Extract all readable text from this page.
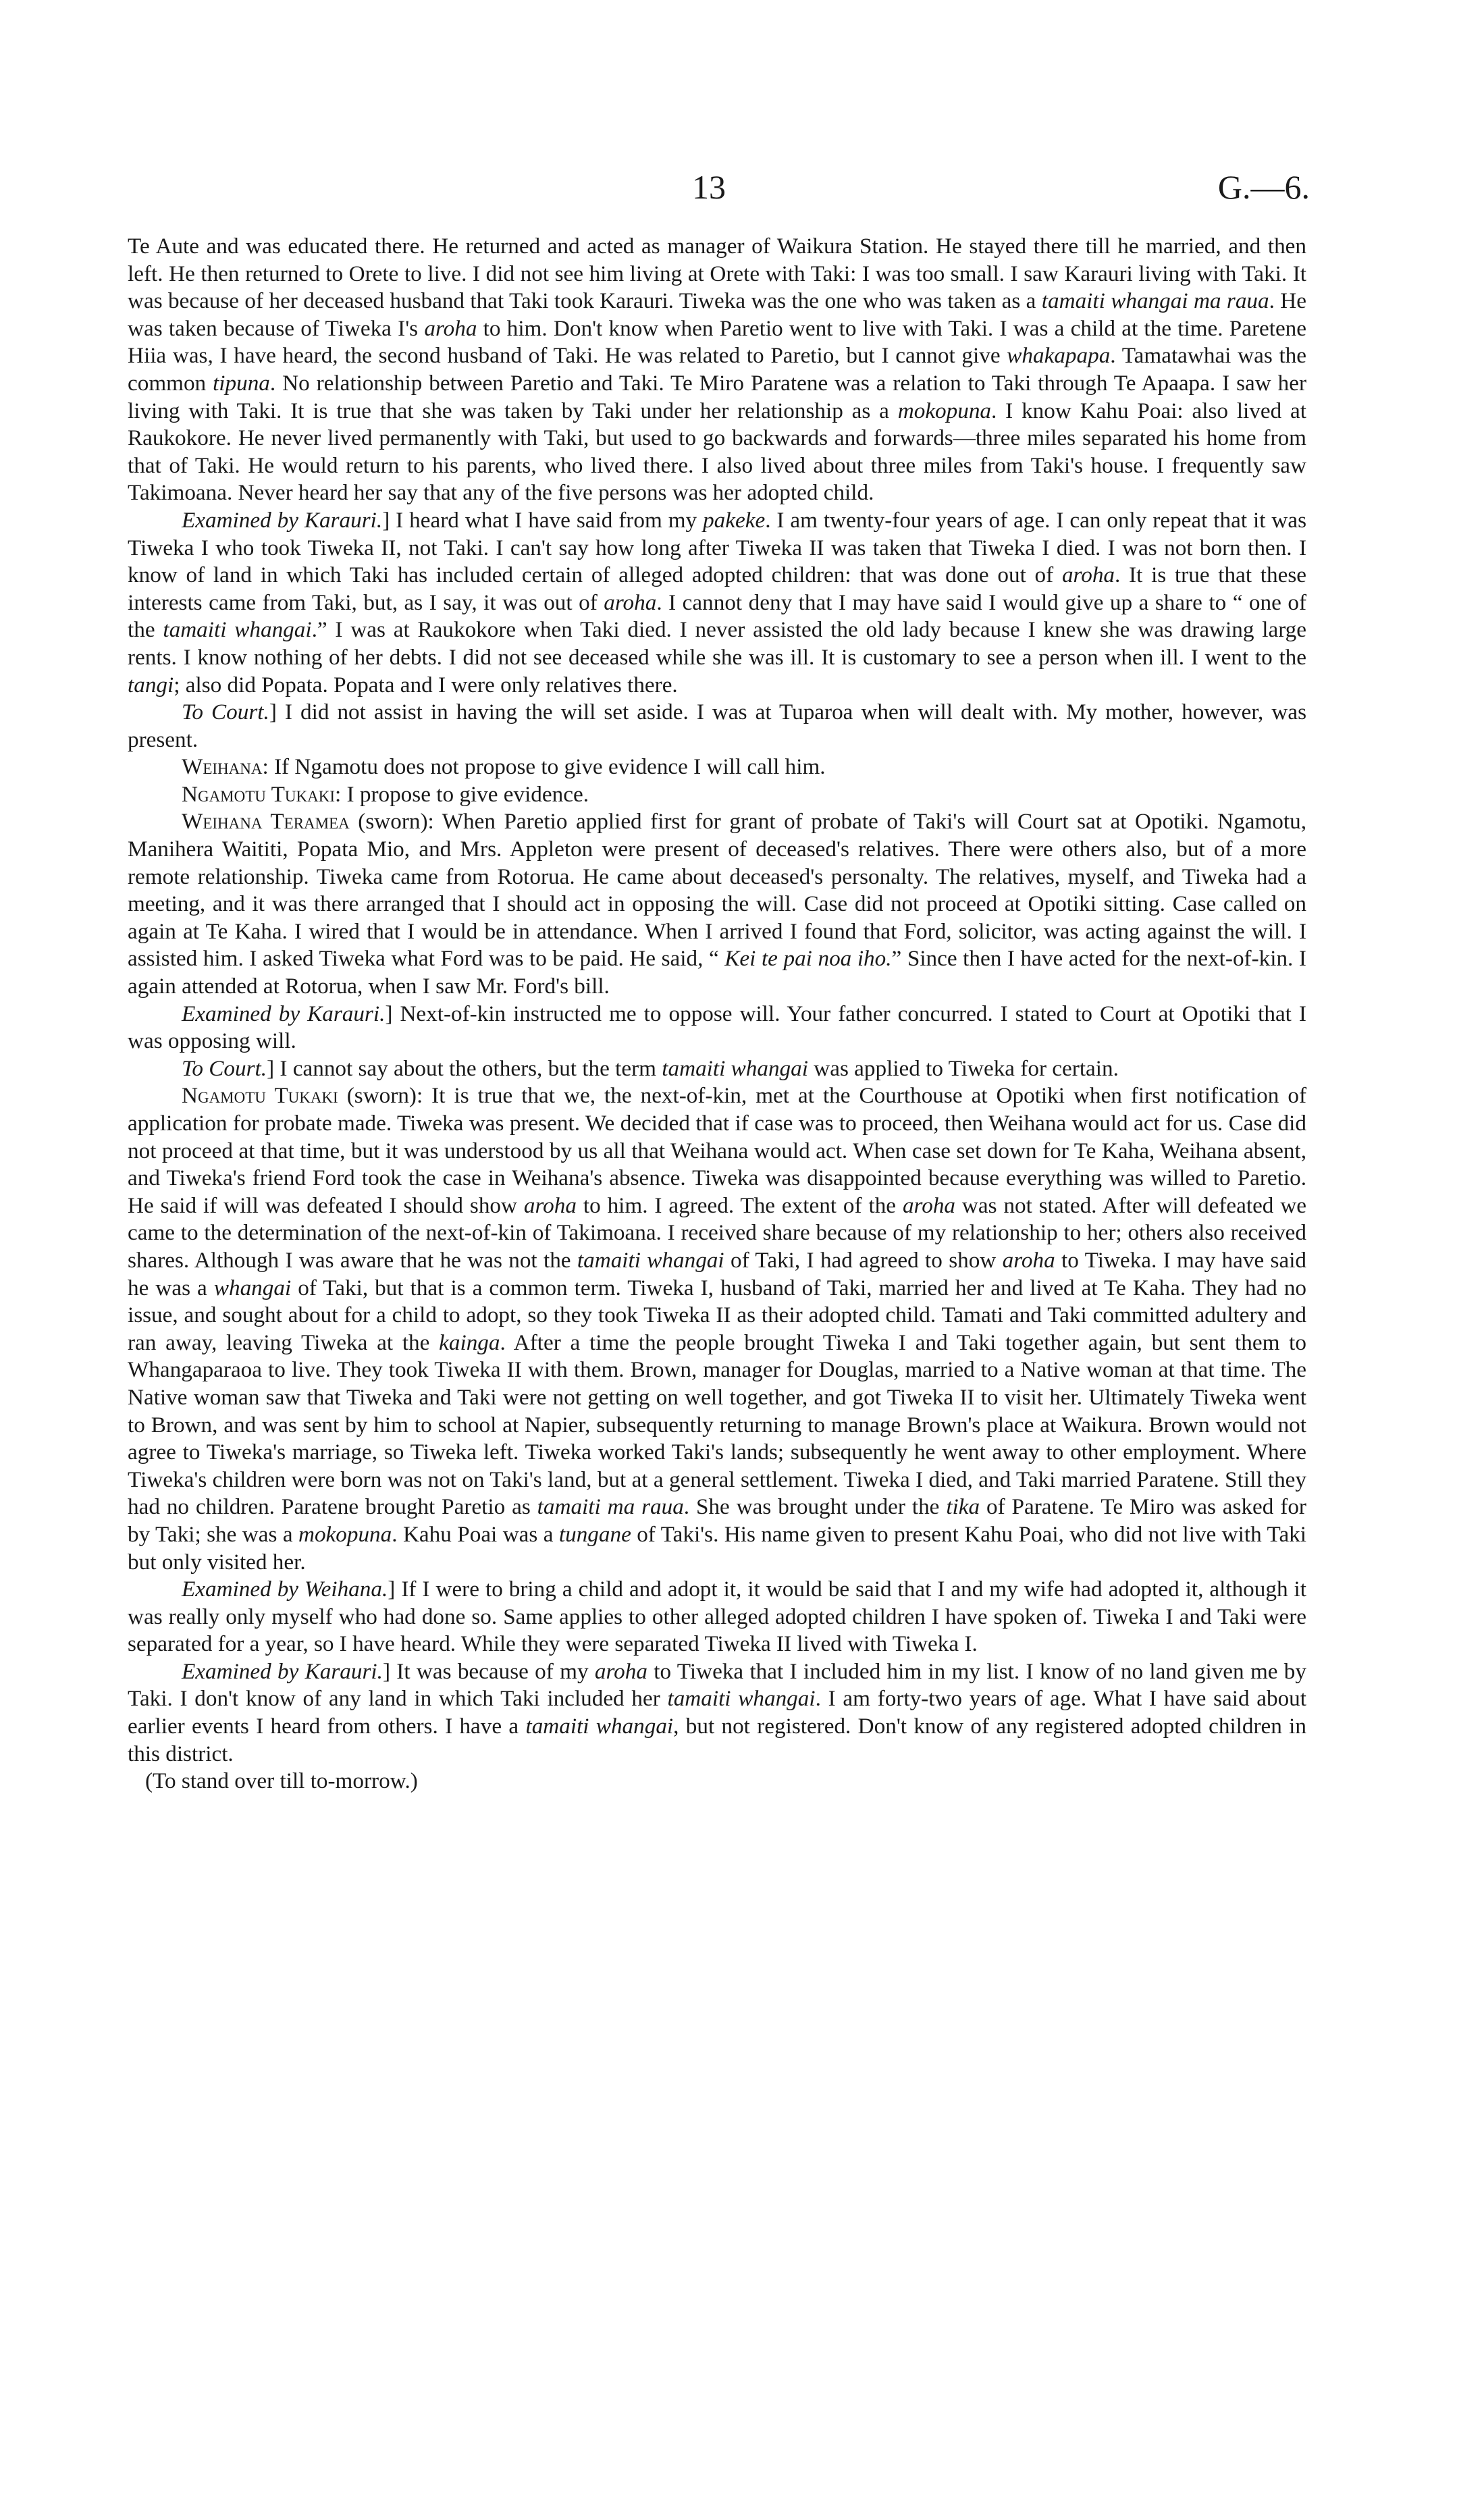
13	G.—6.

Te Aute and was educated there. He returned and acted as manager of Waikura Station. He stayed there till he married, and then left. He then returned to Orete to live. I did not see him living at Orete with Taki: I was too small. I saw Karauri living with Taki. It was because of her deceased husband that Taki took Karauri. Tiweka was the one who was taken as a tamaiti whangai ma raua. He was taken because of Tiweka I's aroha to him. Don't know when Paretio went to live with Taki. I was a child at the time. Paretene Hiia was, I have heard, the second husband of Taki. He was related to Paretio, but I cannot give whakapapa. Tamatawhai was the common tipuna. No relationship between Paretio and Taki. Te Miro Paratene was a relation to Taki through Te Apaapa. I saw her living with Taki. It is true that she was taken by Taki under her relationship as a mokopuna. I know Kahu Poai: also lived at Raukokore. He never lived permanently with Taki, but used to go backwards and forwards—three miles separated his home from that of Taki. He would return to his parents, who lived there. I also lived about three miles from Taki's house. I frequently saw Takimoana. Never heard her say that any of the five persons was her adopted child.

Examined by Karauri.] I heard what I have said from my pakeke. I am twenty-four years of age. I can only repeat that it was Tiweka I who took Tiweka II, not Taki. I can't say how long after Tiweka II was taken that Tiweka I died. I was not born then. I know of land in which Taki has included certain of alleged adopted children: that was done out of aroha. It is true that these interests came from Taki, but, as I say, it was out of aroha. I cannot deny that I may have said I would give up a share to “ one of the tamaiti whangai.” I was at Raukokore when Taki died. I never assisted the old lady because I knew she was drawing large rents. I know nothing of her debts. I did not see deceased while she was ill. It is customary to see a person when ill. I went to the tangi; also did Popata. Popata and I were only relatives there.

To Court.] I did not assist in having the will set aside. I was at Tuparoa when will dealt with. My mother, however, was present.

Weihana: If Ngamotu does not propose to give evidence I will call him.

Ngamotu Tukaki: I propose to give evidence.

Weihana Teramea (sworn): When Paretio applied first for grant of probate of Taki's will Court sat at Opotiki. Ngamotu, Manihera Waititi, Popata Mio, and Mrs. Appleton were present of deceased's relatives. There were others also, but of a more remote relationship. Tiweka came from Rotorua. He came about deceased's personalty. The relatives, myself, and Tiweka had a meeting, and it was there arranged that I should act in opposing the will. Case did not proceed at Opotiki sitting. Case called on again at Te Kaha. I wired that I would be in attendance. When I arrived I found that Ford, solicitor, was acting against the will. I assisted him. I asked Tiweka what Ford was to be paid. He said, “ Kei te pai noa iho.” Since then I have acted for the next-of-kin. I again attended at Rotorua, when I saw Mr. Ford's bill.

Examined by Karauri.] Next-of-kin instructed me to oppose will. Your father concurred. I stated to Court at Opotiki that I was opposing will.

To Court.] I cannot say about the others, but the term tamaiti whangai was applied to Tiweka for certain.

Ngamotu Tukaki (sworn): It is true that we, the next-of-kin, met at the Courthouse at Opotiki when first notification of application for probate made. Tiweka was present. We decided that if case was to proceed, then Weihana would act for us. Case did not proceed at that time, but it was understood by us all that Weihana would act. When case set down for Te Kaha, Weihana absent, and Tiweka's friend Ford took the case in Weihana's absence. Tiweka was disappointed because everything was willed to Paretio. He said if will was defeated I should show aroha to him. I agreed. The extent of the aroha was not stated. After will defeated we came to the determination of the next-of-kin of Takimoana. I received share because of my relationship to her; others also received shares. Although I was aware that he was not the tamaiti whangai of Taki, I had agreed to show aroha to Tiweka. I may have said he was a whangai of Taki, but that is a common term. Tiweka I, husband of Taki, married her and lived at Te Kaha. They had no issue, and sought about for a child to adopt, so they took Tiweka II as their adopted child. Tamati and Taki committed adultery and ran away, leaving Tiweka at the kainga. After a time the people brought Tiweka I and Taki together again, but sent them to Whangaparaoa to live. They took Tiweka II with them. Brown, manager for Douglas, married to a Native woman at that time. The Native woman saw that Tiweka and Taki were not getting on well together, and got Tiweka II to visit her. Ultimately Tiweka went to Brown, and was sent by him to school at Napier, subsequently returning to manage Brown's place at Waikura. Brown would not agree to Tiweka's marriage, so Tiweka left. Tiweka worked Taki's lands; subsequently he went away to other employment. Where Tiweka's children were born was not on Taki's land, but at a general settlement. Tiweka I died, and Taki married Paratene. Still they had no children. Paratene brought Paretio as tamaiti ma raua. She was brought under the tika of Paratene. Te Miro was asked for by Taki; she was a mokopuna. Kahu Poai was a tungane of Taki's. His name given to present Kahu Poai, who did not live with Taki but only visited her.

Examined by Weihana.] If I were to bring a child and adopt it, it would be said that I and my wife had adopted it, although it was really only myself who had done so. Same applies to other alleged adopted children I have spoken of. Tiweka I and Taki were separated for a year, so I have heard. While they were separated Tiweka II lived with Tiweka I.

Examined by Karauri.] It was because of my aroha to Tiweka that I included him in my list. I know of no land given me by Taki. I don't know of any land in which Taki included her tamaiti whangai. I am forty-two years of age. What I have said about earlier events I heard from others. I have a tamaiti whangai, but not registered. Don't know of any registered adopted children in this district.

(To stand over till to-morrow.)
